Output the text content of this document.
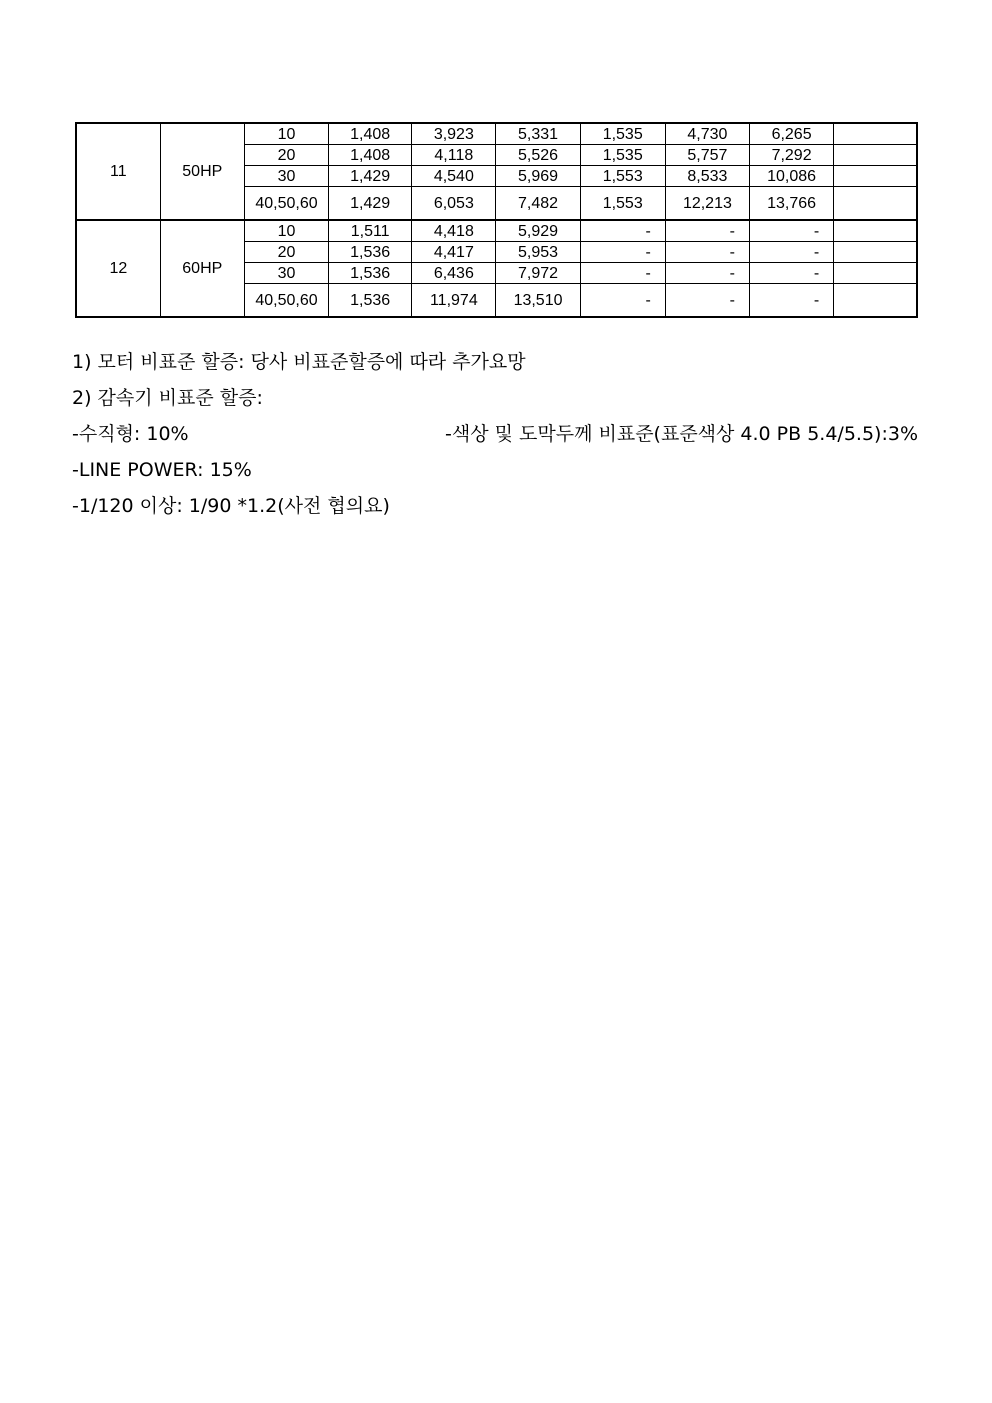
11	50HP	10	1,408	3,923	5,331	1,535	4,730	6,265	
		20	1,408	4,118	5,526	1,535	5,757	7,292	
		30	1,429	4,540	5,969	1,553	8,533	10,086	
		40,50,60	1,429	6,053	7,482	1,553	12,213	13,766	
12	60HP	10	1,511	4,418	5,929	-	-	-	
		20	1,536	4,417	5,953	-	-	-	
		30	1,536	6,436	7,972	-	-	-	
		40,50,60	1,536	11,974	13,510	-	-	-	
1) 모터 비표준 할증: 당사 비표준할증에 따라 추가요망
2) 감속기 비표준 할증:
-수직형: 10%	-색상 및 도막두께 비표준(표준색상 4.0 PB 5.4/5.5):3%
-LINE POWER: 15%
-1/120 이상: 1/90 *1.2(사전 협의요)
